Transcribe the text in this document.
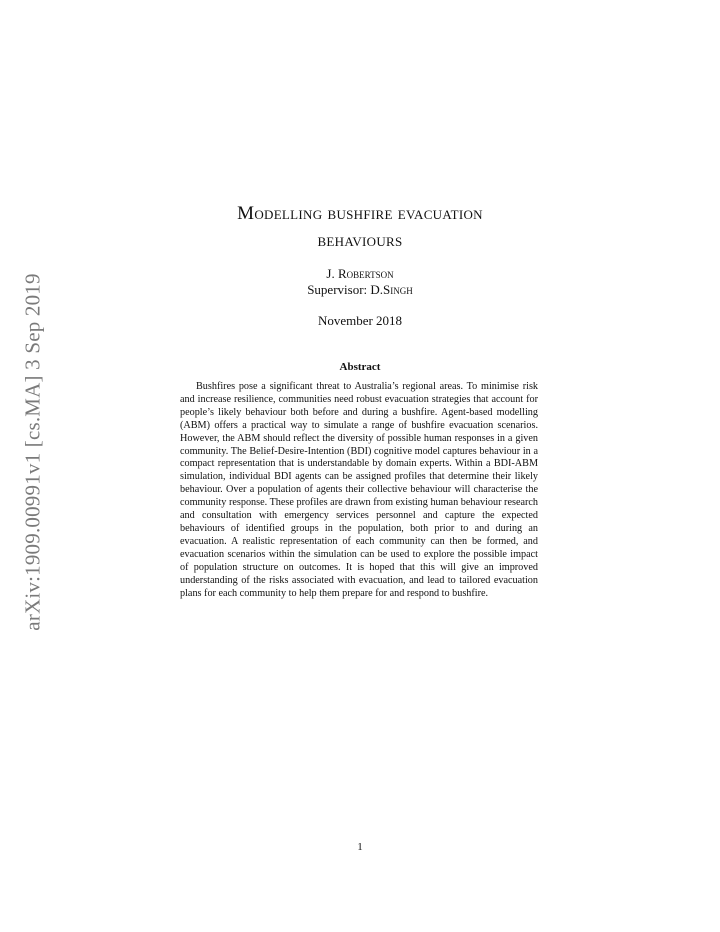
arXiv:1909.00991v1 [cs.MA] 3 Sep 2019
Modelling bushfire evacuation
behaviours
J. Robertson
Supervisor: D.Singh
November 2018
Abstract

Bushfires pose a significant threat to Australia’s regional areas. To minimise risk and increase resilience, communities need robust evacuation strategies that account for people’s likely behaviour both before and during a bushfire. Agent-based modelling (ABM) offers a practical way to simulate a range of bushfire evacuation scenarios. However, the ABM should reflect the diversity of possible human responses in a given community. The Belief-Desire-Intention (BDI) cognitive model captures behaviour in a compact representation that is understandable by domain experts. Within a BDI-ABM simulation, individual BDI agents can be assigned profiles that determine their likely behaviour. Over a population of agents their collective behaviour will characterise the community response. These profiles are drawn from existing human behaviour research and consultation with emergency services personnel and capture the expected behaviours of identified groups in the population, both prior to and during an evacuation. A realistic representation of each community can then be formed, and evacuation scenarios within the simulation can be used to explore the possible impact of population structure on outcomes. It is hoped that this will give an improved understanding of the risks associated with evacuation, and lead to tailored evacuation plans for each community to help them prepare for and respond to bushfire.

1
